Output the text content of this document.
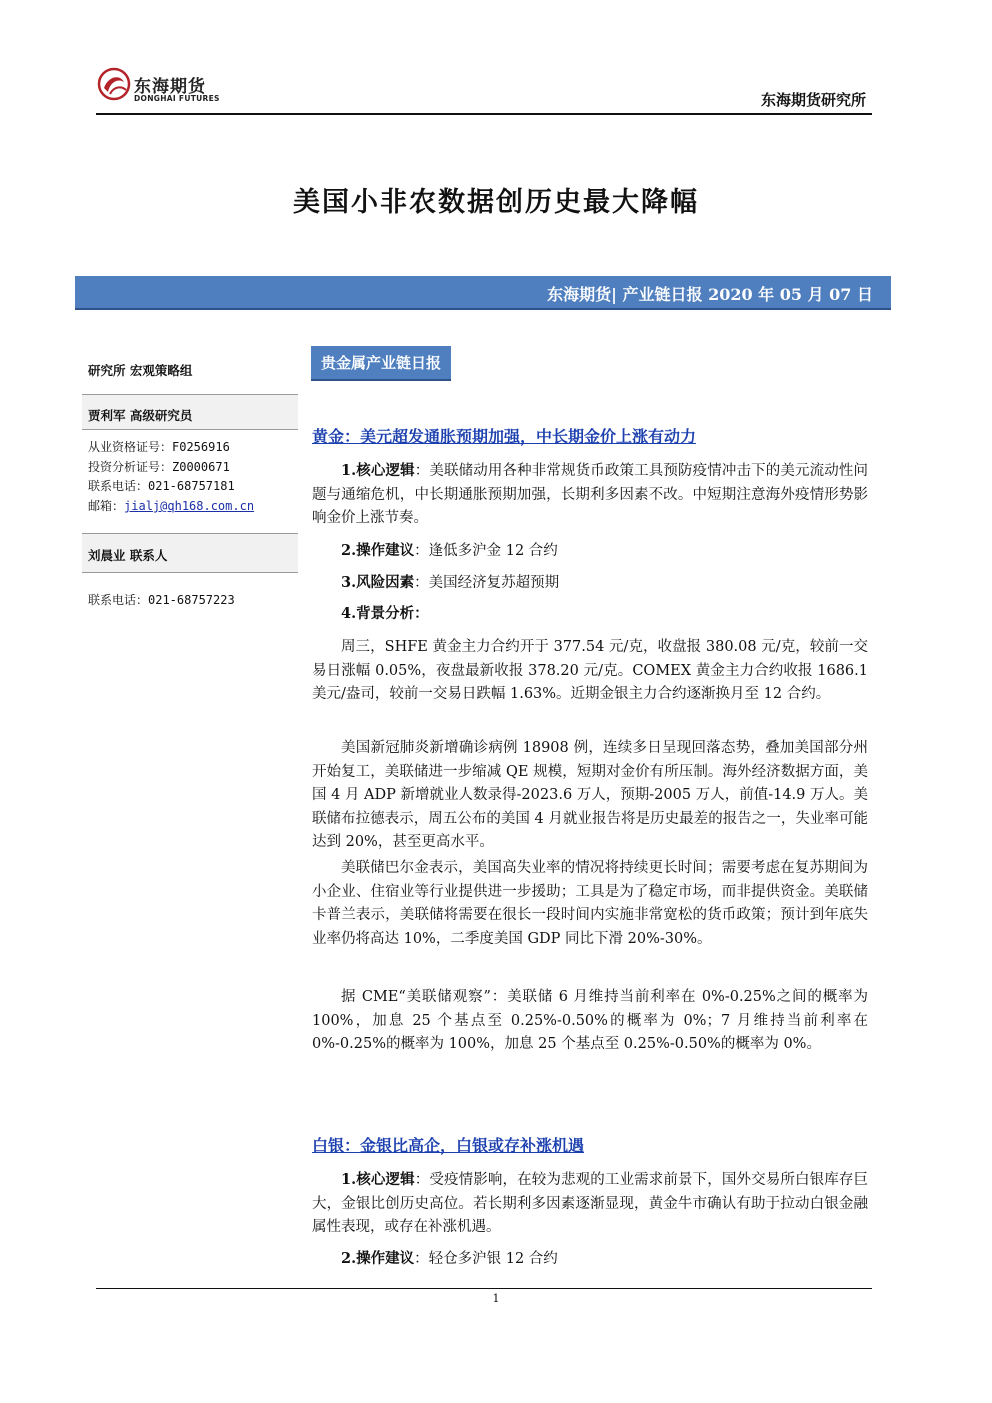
东海期货
DONGHAI FUTURES	东海期货研究所
美国小非农数据创历史最大降幅
东海期货| 产业链日报 2020 年 05 月 07 日
研究所 宏观策略组
贾利军 高级研究员
从业资格证号：F0256916
投资分析证号：Z0000671
联系电话：021-68757181
邮箱：jialj@qh168.com.cn
刘晨业 联系人
联系电话：021-68757223
贵金属产业链日报
黄金：美元超发通胀预期加强，中长期金价上涨有动力
1.核心逻辑：美联储动用各种非常规货币政策工具预防疫情冲击下的美元流动性问题与通缩危机，中长期通胀预期加强，长期利多因素不改。中短期注意海外疫情形势影响金价上涨节奏。
2.操作建议：逢低多沪金 12 合约
3.风险因素：美国经济复苏超预期
4.背景分析：
周三，SHFE 黄金主力合约开于 377.54 元/克，收盘报 380.08 元/克，较前一交易日涨幅 0.05%，夜盘最新收报 378.20 元/克。COMEX 黄金主力合约收报 1686.1 美元/盎司，较前一交易日跌幅 1.63%。近期金银主力合约逐渐换月至 12 合约。
美国新冠肺炎新增确诊病例 18908 例，连续多日呈现回落态势，叠加美国部分州开始复工，美联储进一步缩减 QE 规模，短期对金价有所压制。海外经济数据方面，美国 4 月 ADP 新增就业人数录得-2023.6 万人，预期-2005 万人，前值-14.9 万人。美联储布拉德表示，周五公布的美国 4 月就业报告将是历史最差的报告之一，失业率可能达到 20%，甚至更高水平。
美联储巴尔金表示，美国高失业率的情况将持续更长时间；需要考虑在复苏期间为小企业、住宿业等行业提供进一步援助；工具是为了稳定市场，而非提供资金。美联储卡普兰表示，美联储将需要在很长一段时间内实施非常宽松的货币政策；预计到年底失业率仍将高达 10%，二季度美国 GDP 同比下滑 20%-30%。
据 CME“美联储观察”：美联储 6 月维持当前利率在 0%-0.25%之间的概率为 100%，加息 25 个基点至 0.25%-0.50%的概率为 0%；7 月维持当前利率在 0%-0.25%的概率为 100%，加息 25 个基点至 0.25%-0.50%的概率为 0%。
白银：金银比高企，白银或存补涨机遇
1.核心逻辑：受疫情影响，在较为悲观的工业需求前景下，国外交易所白银库存巨大，金银比创历史高位。若长期利多因素逐渐显现，黄金牛市确认有助于拉动白银金融属性表现，或存在补涨机遇。
2.操作建议：轻仓多沪银 12 合约
1
